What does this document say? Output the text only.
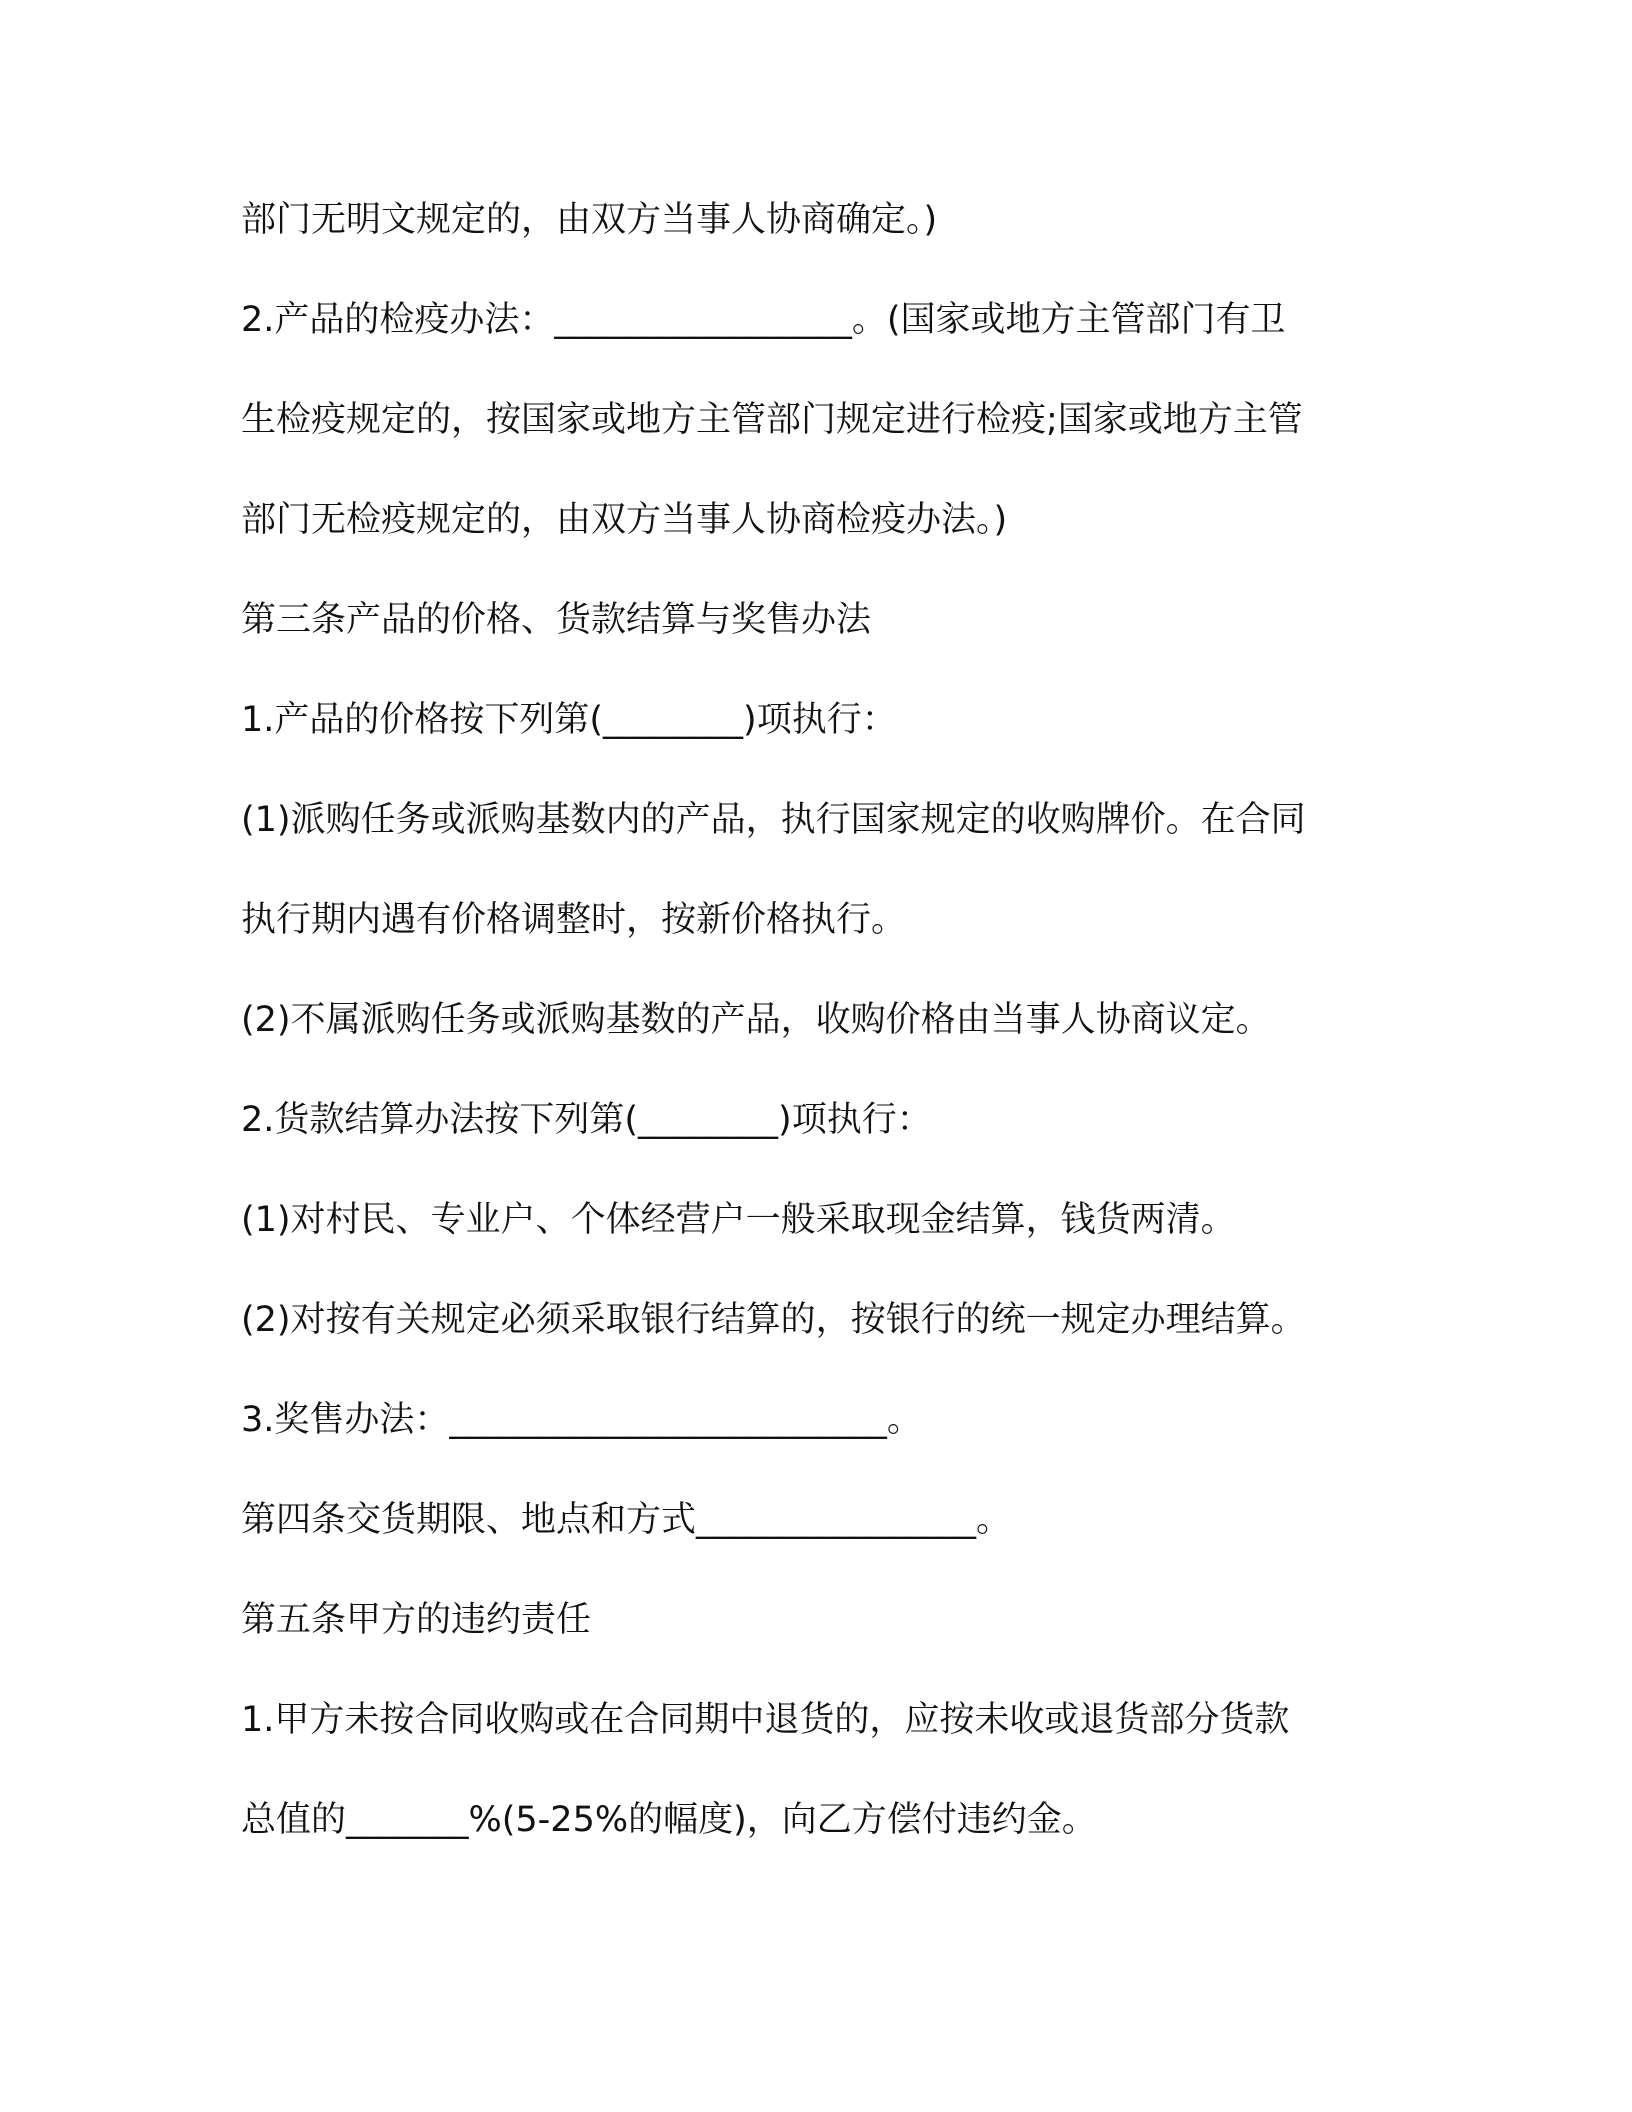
部门无明文规定的，由双方当事人协商确定。)

2.产品的检疫办法：_________________。(国家或地方主管部门有卫

生检疫规定的，按国家或地方主管部门规定进行检疫;国家或地方主管

部门无检疫规定的，由双方当事人协商检疫办法。)

第三条产品的价格、货款结算与奖售办法

1.产品的价格按下列第(________)项执行：

(1)派购任务或派购基数内的产品，执行国家规定的收购牌价。在合同

执行期内遇有价格调整时，按新价格执行。

(2)不属派购任务或派购基数的产品，收购价格由当事人协商议定。

2.货款结算办法按下列第(________)项执行：

(1)对村民、专业户、个体经营户一般采取现金结算，钱货两清。

(2)对按有关规定必须采取银行结算的，按银行的统一规定办理结算。

3.奖售办法：_________________________。

第四条交货期限、地点和方式________________。

第五条甲方的违约责任

1.甲方未按合同收购或在合同期中退货的，应按未收或退货部分货款

总值的_______%(5-25%的幅度)，向乙方偿付违约金。
